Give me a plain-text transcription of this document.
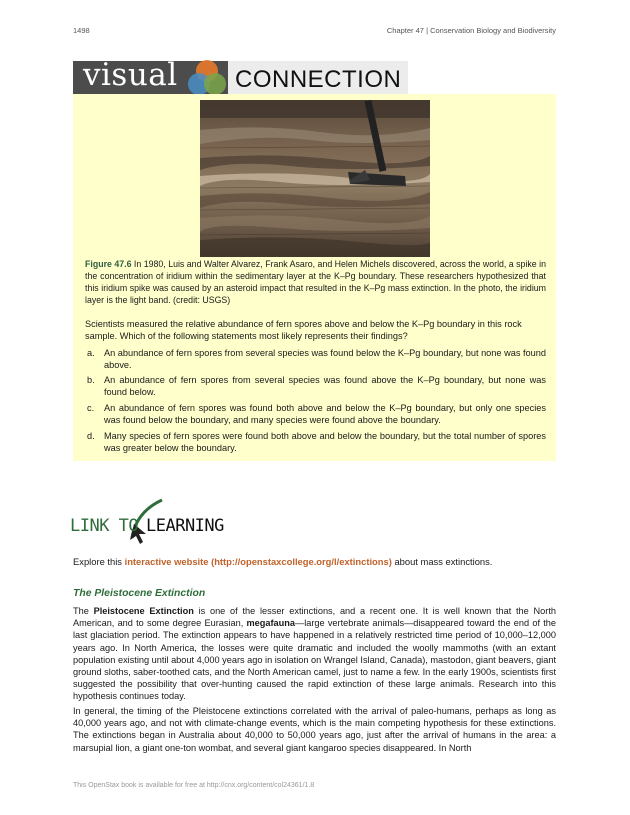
1498	Chapter 47 | Conservation Biology and Biodiversity
visual CONNECTION
Figure 47.6 In 1980, Luis and Walter Alvarez, Frank Asaro, and Helen Michels discovered, across the world, a spike in the concentration of iridium within the sedimentary layer at the K–Pg boundary. These researchers hypothesized that this iridium spike was caused by an asteroid impact that resulted in the K–Pg mass extinction. In the photo, the iridium layer is the light band. (credit: USGS)
Scientists measured the relative abundance of fern spores above and below the K–Pg boundary in this rock sample. Which of the following statements most likely represents their findings?
a. An abundance of fern spores from several species was found below the K–Pg boundary, but none was found above.
b. An abundance of fern spores from several species was found above the K–Pg boundary, but none was found below.
c. An abundance of fern spores was found both above and below the K–Pg boundary, but only one species was found below the boundary, and many species were found above the boundary.
d. Many species of fern spores were found both above and below the boundary, but the total number of spores was greater below the boundary.
LINK TO LEARNING
Explore this interactive website (http://openstaxcollege.org/l/extinctions) about mass extinctions.
The Pleistocene Extinction
The Pleistocene Extinction is one of the lesser extinctions, and a recent one. It is well known that the North American, and to some degree Eurasian, megafauna—large vertebrate animals—disappeared toward the end of the last glaciation period. The extinction appears to have happened in a relatively restricted time period of 10,000–12,000 years ago. In North America, the losses were quite dramatic and included the woolly mammoths (with an extant population existing until about 4,000 years ago in isolation on Wrangel Island, Canada), mastodon, giant beavers, giant ground sloths, saber-toothed cats, and the North American camel, just to name a few. In the early 1900s, scientists first suggested the possibility that over-hunting caused the rapid extinction of these large animals. Research into this hypothesis continues today.
In general, the timing of the Pleistocene extinctions correlated with the arrival of paleo-humans, perhaps as long as 40,000 years ago, and not with climate-change events, which is the main competing hypothesis for these extinctions. The extinctions began in Australia about 40,000 to 50,000 years ago, just after the arrival of humans in the area: a marsupial lion, a giant one-ton wombat, and several giant kangaroo species disappeared. In North
This OpenStax book is available for free at http://cnx.org/content/col24361/1.8
